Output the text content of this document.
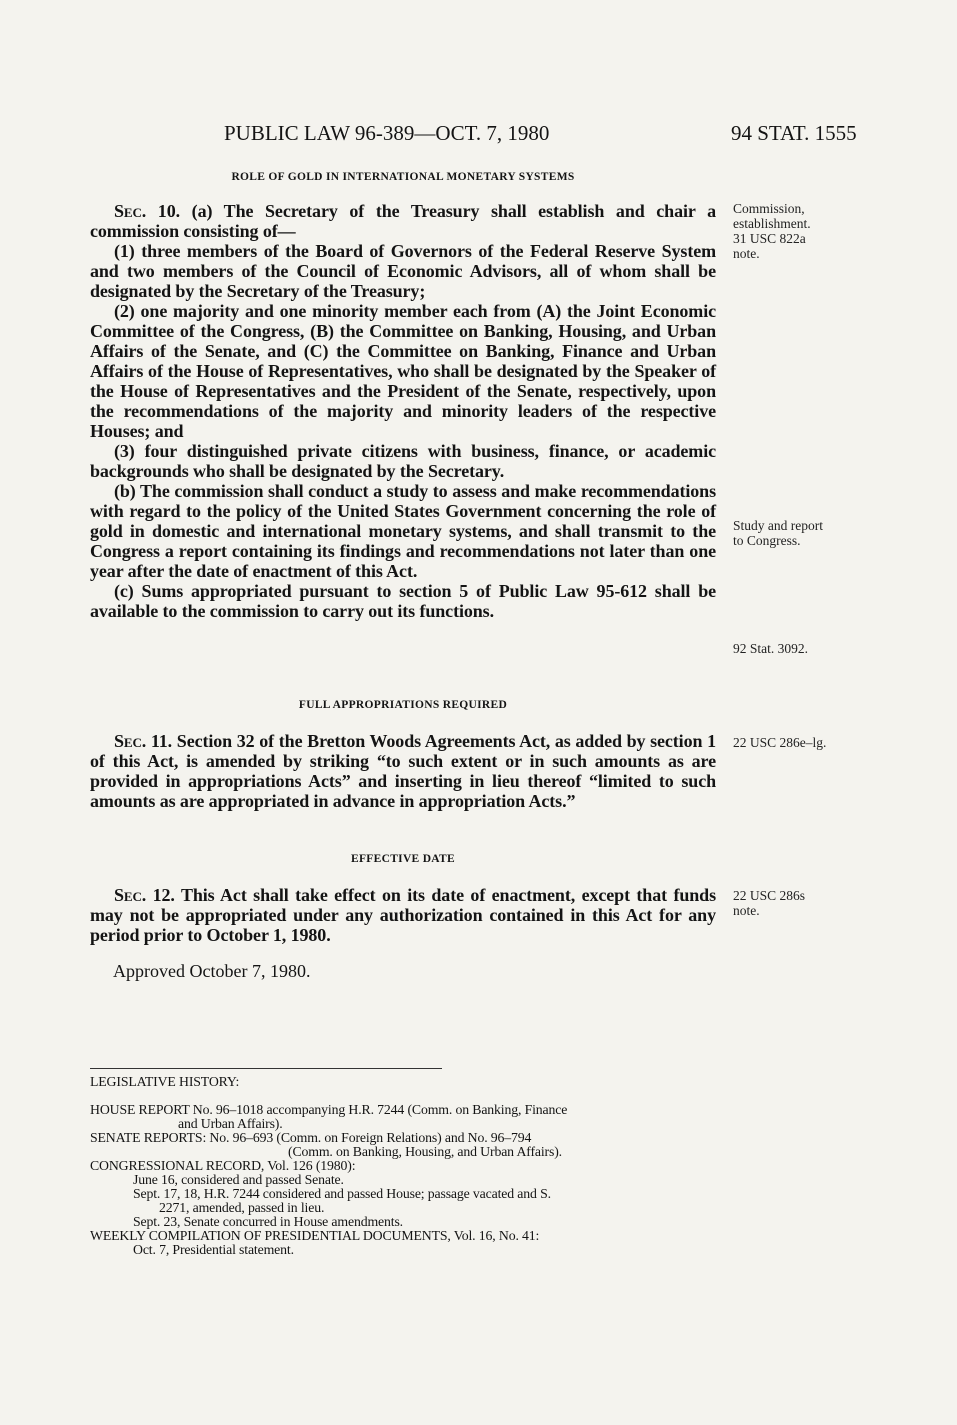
PUBLIC LAW 96-389—OCT. 7, 1980	94 STAT. 1555
ROLE OF GOLD IN INTERNATIONAL MONETARY SYSTEMS

Sec. 10. (a) The Secretary of the Treasury shall establish and chair a commission consisting of—

(1) three members of the Board of Governors of the Federal Reserve System and two members of the Council of Economic Advisors, all of whom shall be designated by the Secretary of the Treasury;

(2) one majority and one minority member each from (A) the Joint Economic Committee of the Congress, (B) the Committee on Banking, Housing, and Urban Affairs of the Senate, and (C) the Committee on Banking, Finance and Urban Affairs of the House of Representatives, who shall be designated by the Speaker of the House of Representatives and the President of the Senate, respectively, upon the recommendations of the majority and minority leaders of the respective Houses; and

(3) four distinguished private citizens with business, finance, or academic backgrounds who shall be designated by the Secretary.

(b) The commission shall conduct a study to assess and make recommendations with regard to the policy of the United States Government concerning the role of gold in domestic and international monetary systems, and shall transmit to the Congress a report containing its findings and recommendations not later than one year after the date of enactment of this Act.

(c) Sums appropriated pursuant to section 5 of Public Law 95-612 shall be available to the commission to carry out its functions.

FULL APPROPRIATIONS REQUIRED

Sec. 11. Section 32 of the Bretton Woods Agreements Act, as added by section 1 of this Act, is amended by striking “to such extent or in such amounts as are provided in appropriations Acts” and inserting in lieu thereof “limited to such amounts as are appropriated in advance in appropriation Acts.”

EFFECTIVE DATE

Sec. 12. This Act shall take effect on its date of enactment, except that funds may not be appropriated under any authorization contained in this Act for any period prior to October 1, 1980.

Approved October 7, 1980.
Commission,
establishment.
31 USC 822a
note.
Study and report
to Congress.
92 Stat. 3092.
22 USC 286e–lg.
22 USC 286s
note.
LEGISLATIVE HISTORY:

HOUSE REPORT No. 96–1018 accompanying H.R. 7244 (Comm. on Banking, Finance

and Urban Affairs).

SENATE REPORTS: No. 96–693 (Comm. on Foreign Relations) and No. 96–794

(Comm. on Banking, Housing, and Urban Affairs).

CONGRESSIONAL RECORD, Vol. 126 (1980):

June 16, considered and passed Senate.

Sept. 17, 18, H.R. 7244 considered and passed House; passage vacated and S.

2271, amended, passed in lieu.

Sept. 23, Senate concurred in House amendments.

WEEKLY COMPILATION OF PRESIDENTIAL DOCUMENTS, Vol. 16, No. 41:

Oct. 7, Presidential statement.
